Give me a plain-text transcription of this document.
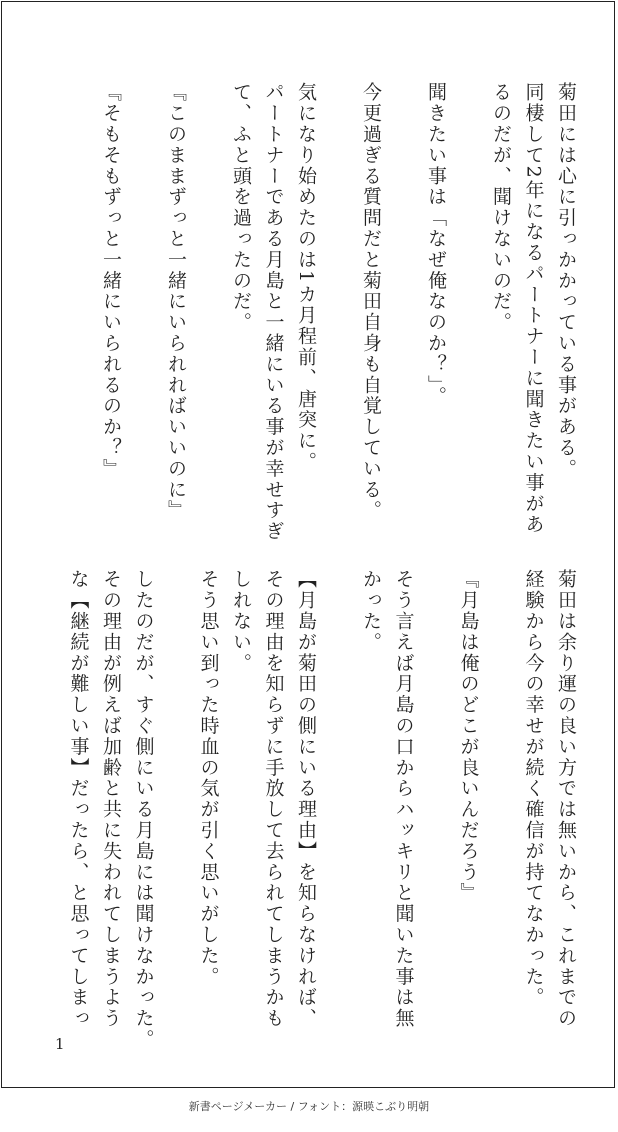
菊田には心に引っかかっている事がある。
同棲して2年になるパートナーに聞きたい事があ
るのだが、聞けないのだ。

聞きたい事は「なぜ俺なのか？」。

今更過ぎる質問だと菊田自身も自覚している。

気になり始めたのは1カ月程前、唐突に。
パートナーである月島と一緒にいる事が幸せすぎ
て、ふと頭を過ったのだ。

『このままずっと一緒にいられればいいのに』

『そもそもずっと一緒にいられるのか？』
菊田は余り運の良い方では無いから、これまでの
経験から今の幸せが続く確信が持てなかった。

『月島は俺のどこが良いんだろう』

そう言えば月島の口からハッキリと聞いた事は無
かった。

【月島が菊田の側にいる理由】を知らなければ、
その理由を知らずに手放して去られてしまうかも
しれない。
そう思い到った時血の気が引く思いがした。

したのだが、すぐ側にいる月島には聞けなかった。
その理由が例えば加齢と共に失われてしまうよう
な【継続が難しい事】だったら、と思ってしまっ
1
新書ページメーカー / フォント：源暎こぶり明朝
